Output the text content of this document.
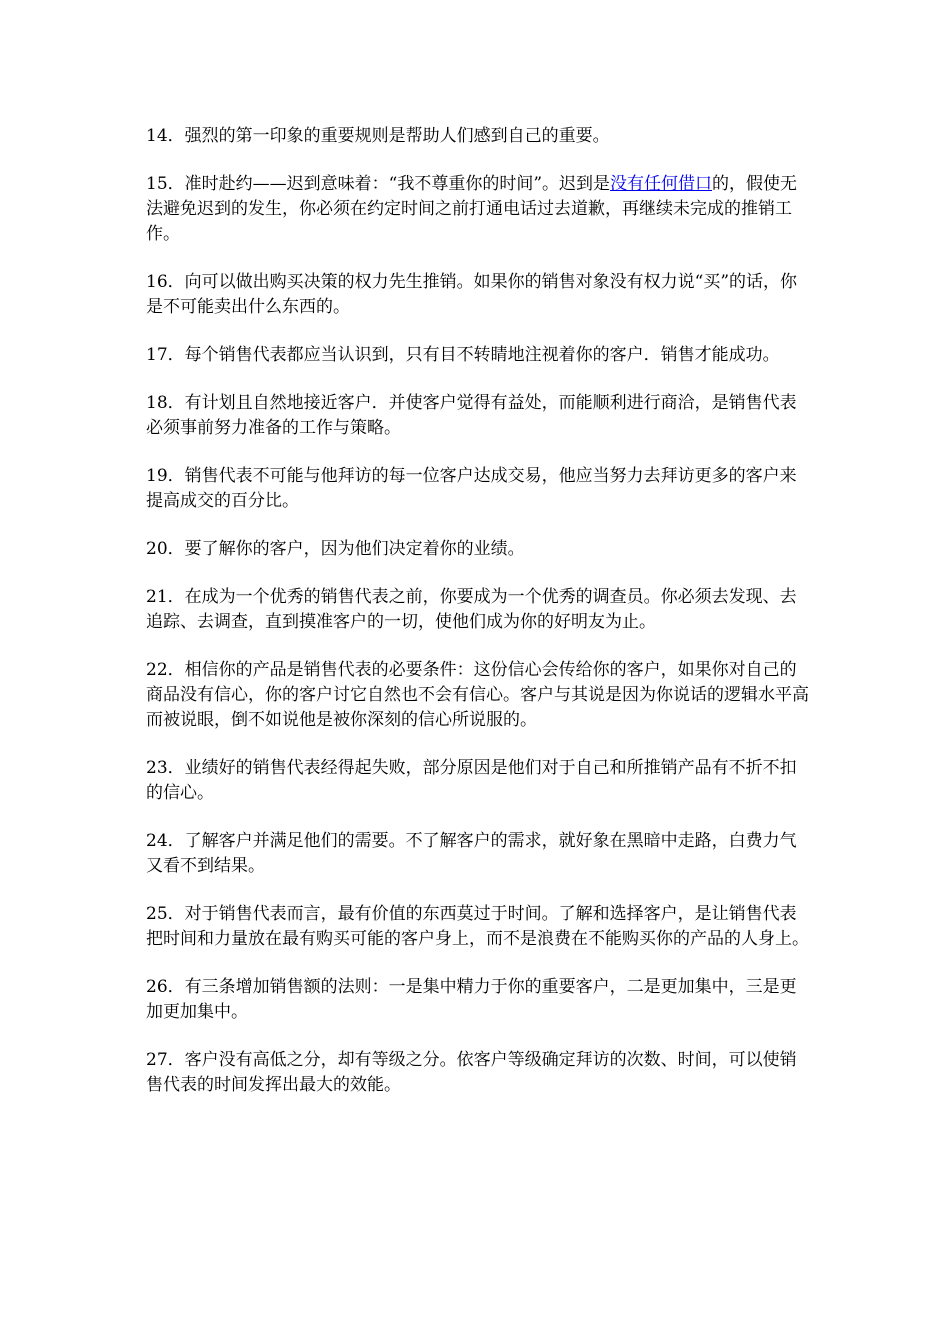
14．强烈的第一印象的重要规则是帮助人们感到自己的重要。

15．准时赴约——迟到意味着：“我不尊重你的时间”。迟到是没有任何借口的，假使无法避免迟到的发生，你必须在约定时间之前打通电话过去道歉，再继续未完成的推销工作。

16．向可以做出购买决策的权力先生推销。如果你的销售对象没有权力说“买”的话，你是不可能卖出什么东西的。

17．每个销售代表都应当认识到，只有目不转睛地注视着你的客户．销售才能成功。

18．有计划且自然地接近客户．并使客户觉得有益处，而能顺利进行商洽，是销售代表必须事前努力准备的工作与策略。

19．销售代表不可能与他拜访的每一位客户达成交易，他应当努力去拜访更多的客户来提高成交的百分比。

20．要了解你的客户，因为他们决定着你的业绩。

21．在成为一个优秀的销售代表之前，你要成为一个优秀的调查员。你必须去发现、去追踪、去调查，直到摸准客户的一切，使他们成为你的好明友为止。

22．相信你的产品是销售代表的必要条件：这份信心会传给你的客户，如果你对自己的商品没有信心，你的客户讨它自然也不会有信心。客户与其说是因为你说话的逻辑水平高而被说眼，倒不如说他是被你深刻的信心所说服的。

23．业绩好的销售代表经得起失败，部分原因是他们对于自己和所推销产品有不折不扣的信心。

24．了解客户并满足他们的需要。不了解客户的需求，就好象在黑暗中走路，白费力气又看不到结果。

25．对于销售代表而言，最有价值的东西莫过于时间。了解和选择客户，是让销售代表把时间和力量放在最有购买可能的客户身上，而不是浪费在不能购买你的产品的人身上。

26．有三条增加销售额的法则：一是集中精力于你的重要客户，二是更加集中，三是更加更加集中。

27．客户没有高低之分，却有等级之分。依客户等级确定拜访的次数、时间，可以使销售代表的时间发挥出最大的效能。
